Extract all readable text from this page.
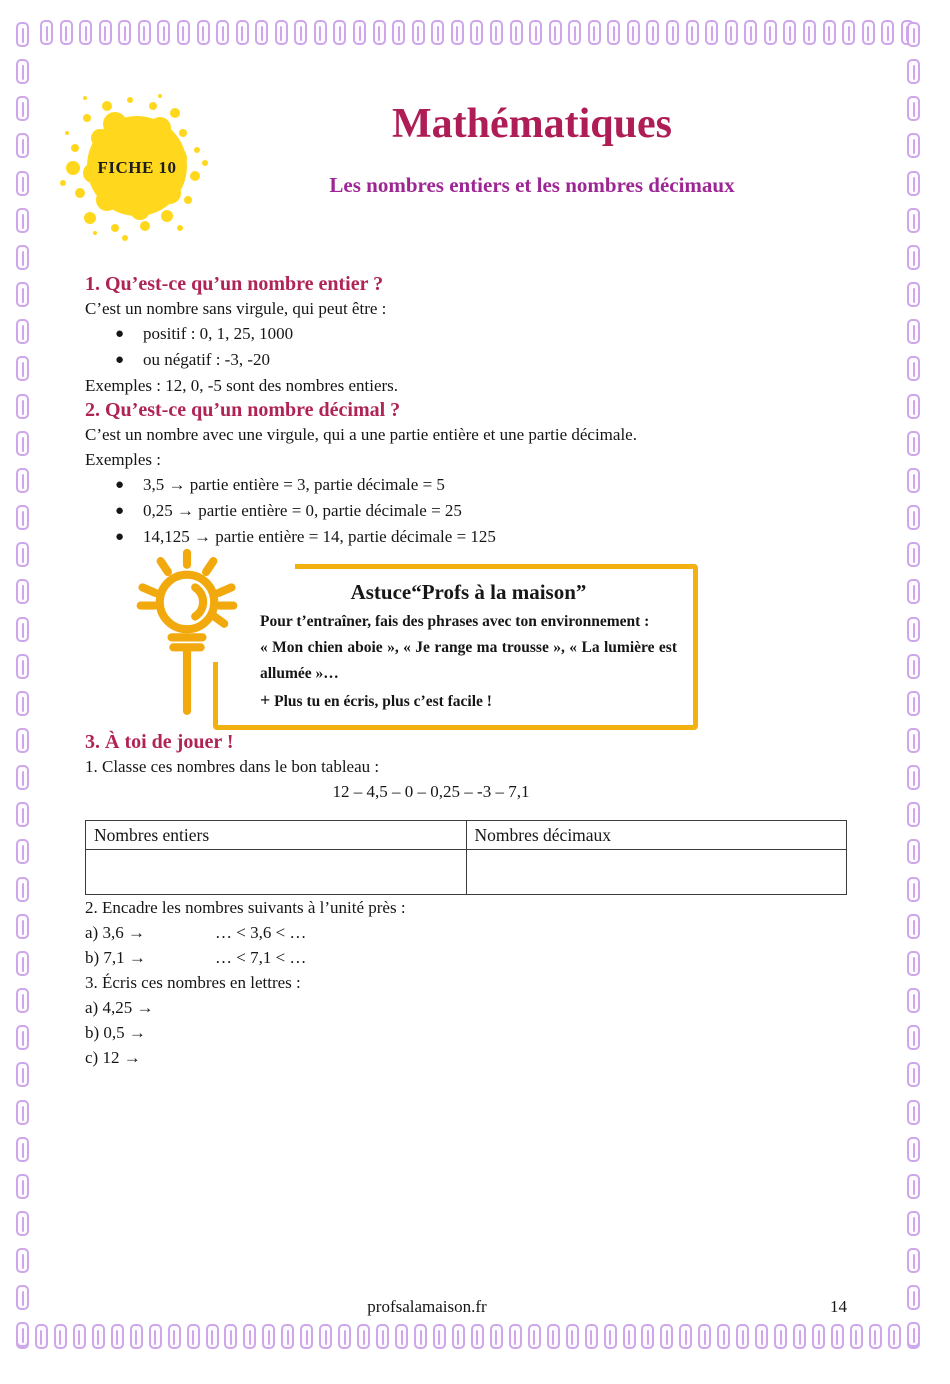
FICHE 10
Mathématiques
Les nombres entiers et les nombres décimaux
1. Qu’est-ce qu’un nombre entier ?

C’est un nombre sans virgule, qui peut être :

● positif : 0, 1, 25, 1000
● ou négatif : -3, -20

Exemples : 12, 0, -5 sont des nombres entiers.

2. Qu’est-ce qu’un nombre décimal ?

C’est un nombre avec une virgule, qui a une partie entière et une partie décimale.

Exemples :

● 3,5 → partie entière = 3, partie décimale = 5
● 0,25 → partie entière = 0, partie décimale = 25
● 14,125 → partie entière = 14, partie décimale = 125
Astuce“Profs à la maison”

Pour t’entraîner, fais des phrases avec ton environnement :

« Mon chien aboie », « Je range ma trousse », « La lumière est allumée »…

+ Plus tu en écris, plus c’est facile !

3. À toi de jouer !

1. Classe ces nombres dans le bon tableau :

12 – 4,5 – 0 – 0,25 – -3 – 7,1

Nombres entiers	Nombres décimaux

2. Encadre les nombres suivants à l’unité près :

a) 3,6 →	… < 3,6 < …

b) 7,1 →	… < 7,1 < …

3. Écris ces nombres en lettres :

a) 4,25 →

b) 0,5 →

c) 12 →

profsalamaison.fr	14
